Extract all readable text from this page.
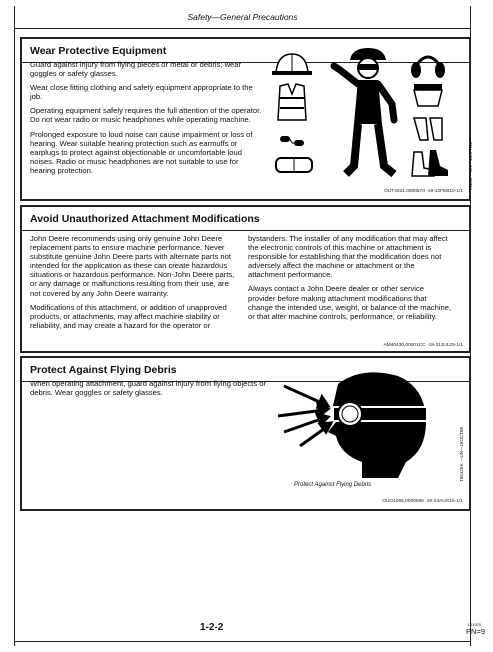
Safety—General Precautions
Wear Protective Equipment

Guard against injury from flying pieces or metal or debris; wear goggles or safety glasses.

Wear close fitting clothing and safety equipment appropriate to the job.

Operating equipment safely requires the full attention of the operator. Do not wear radio or music headphones while operating machine.

Prolonged exposure to loud noise can cause impairment or loss of hearing. Wear suitable hearing protection such as earmuffs or earplugs to protect against objectionable or uncomfortable loud noises. Radio or music headphones are not suitable to use for hearing protection.	TS206 —UN—15APR13
OUT4031,0000570 -19-12FEB10-1/1
Avoid Unauthorized Attachment Modifications

John Deere recommends using only genuine John Deere replacement parts to ensure machine performance. Never substitute genuine John Deere parts with alternate parts not intended for the application as these can create hazardous situations or hazardous performance. Non-John Deere parts, or any damage or malfunctions resulting from their use, are not covered by any John Deere warranty.

Modifications of this attachment, or addition of unapproved products, or attachments, may affect machine stability or reliability, and may create a hazard for the operator or

bystanders. The installer of any modification that may affect the electronic controls of this machine or attachment is responsible for establishing that the modification does not adversely affect the machine or attachment or the attachment performance.

Always contact a John Deere dealer or other service provider before making attachment modifications that change the intended use, weight, or balance of the machine, or that alter machine controls, performance, or reliability.

AM40430,00001CC -19-31JUL25-1/1
Protect Against Flying Debris

When operating attachment, guard against injury from flying objects or debris. Wear goggles or safety glasses.

Protect Against Flying Debris
T6642EK —UN—18OCT88
OUO1065,0000086 -19-24AUG15-1/1
1-2-2	101925
PN=9
